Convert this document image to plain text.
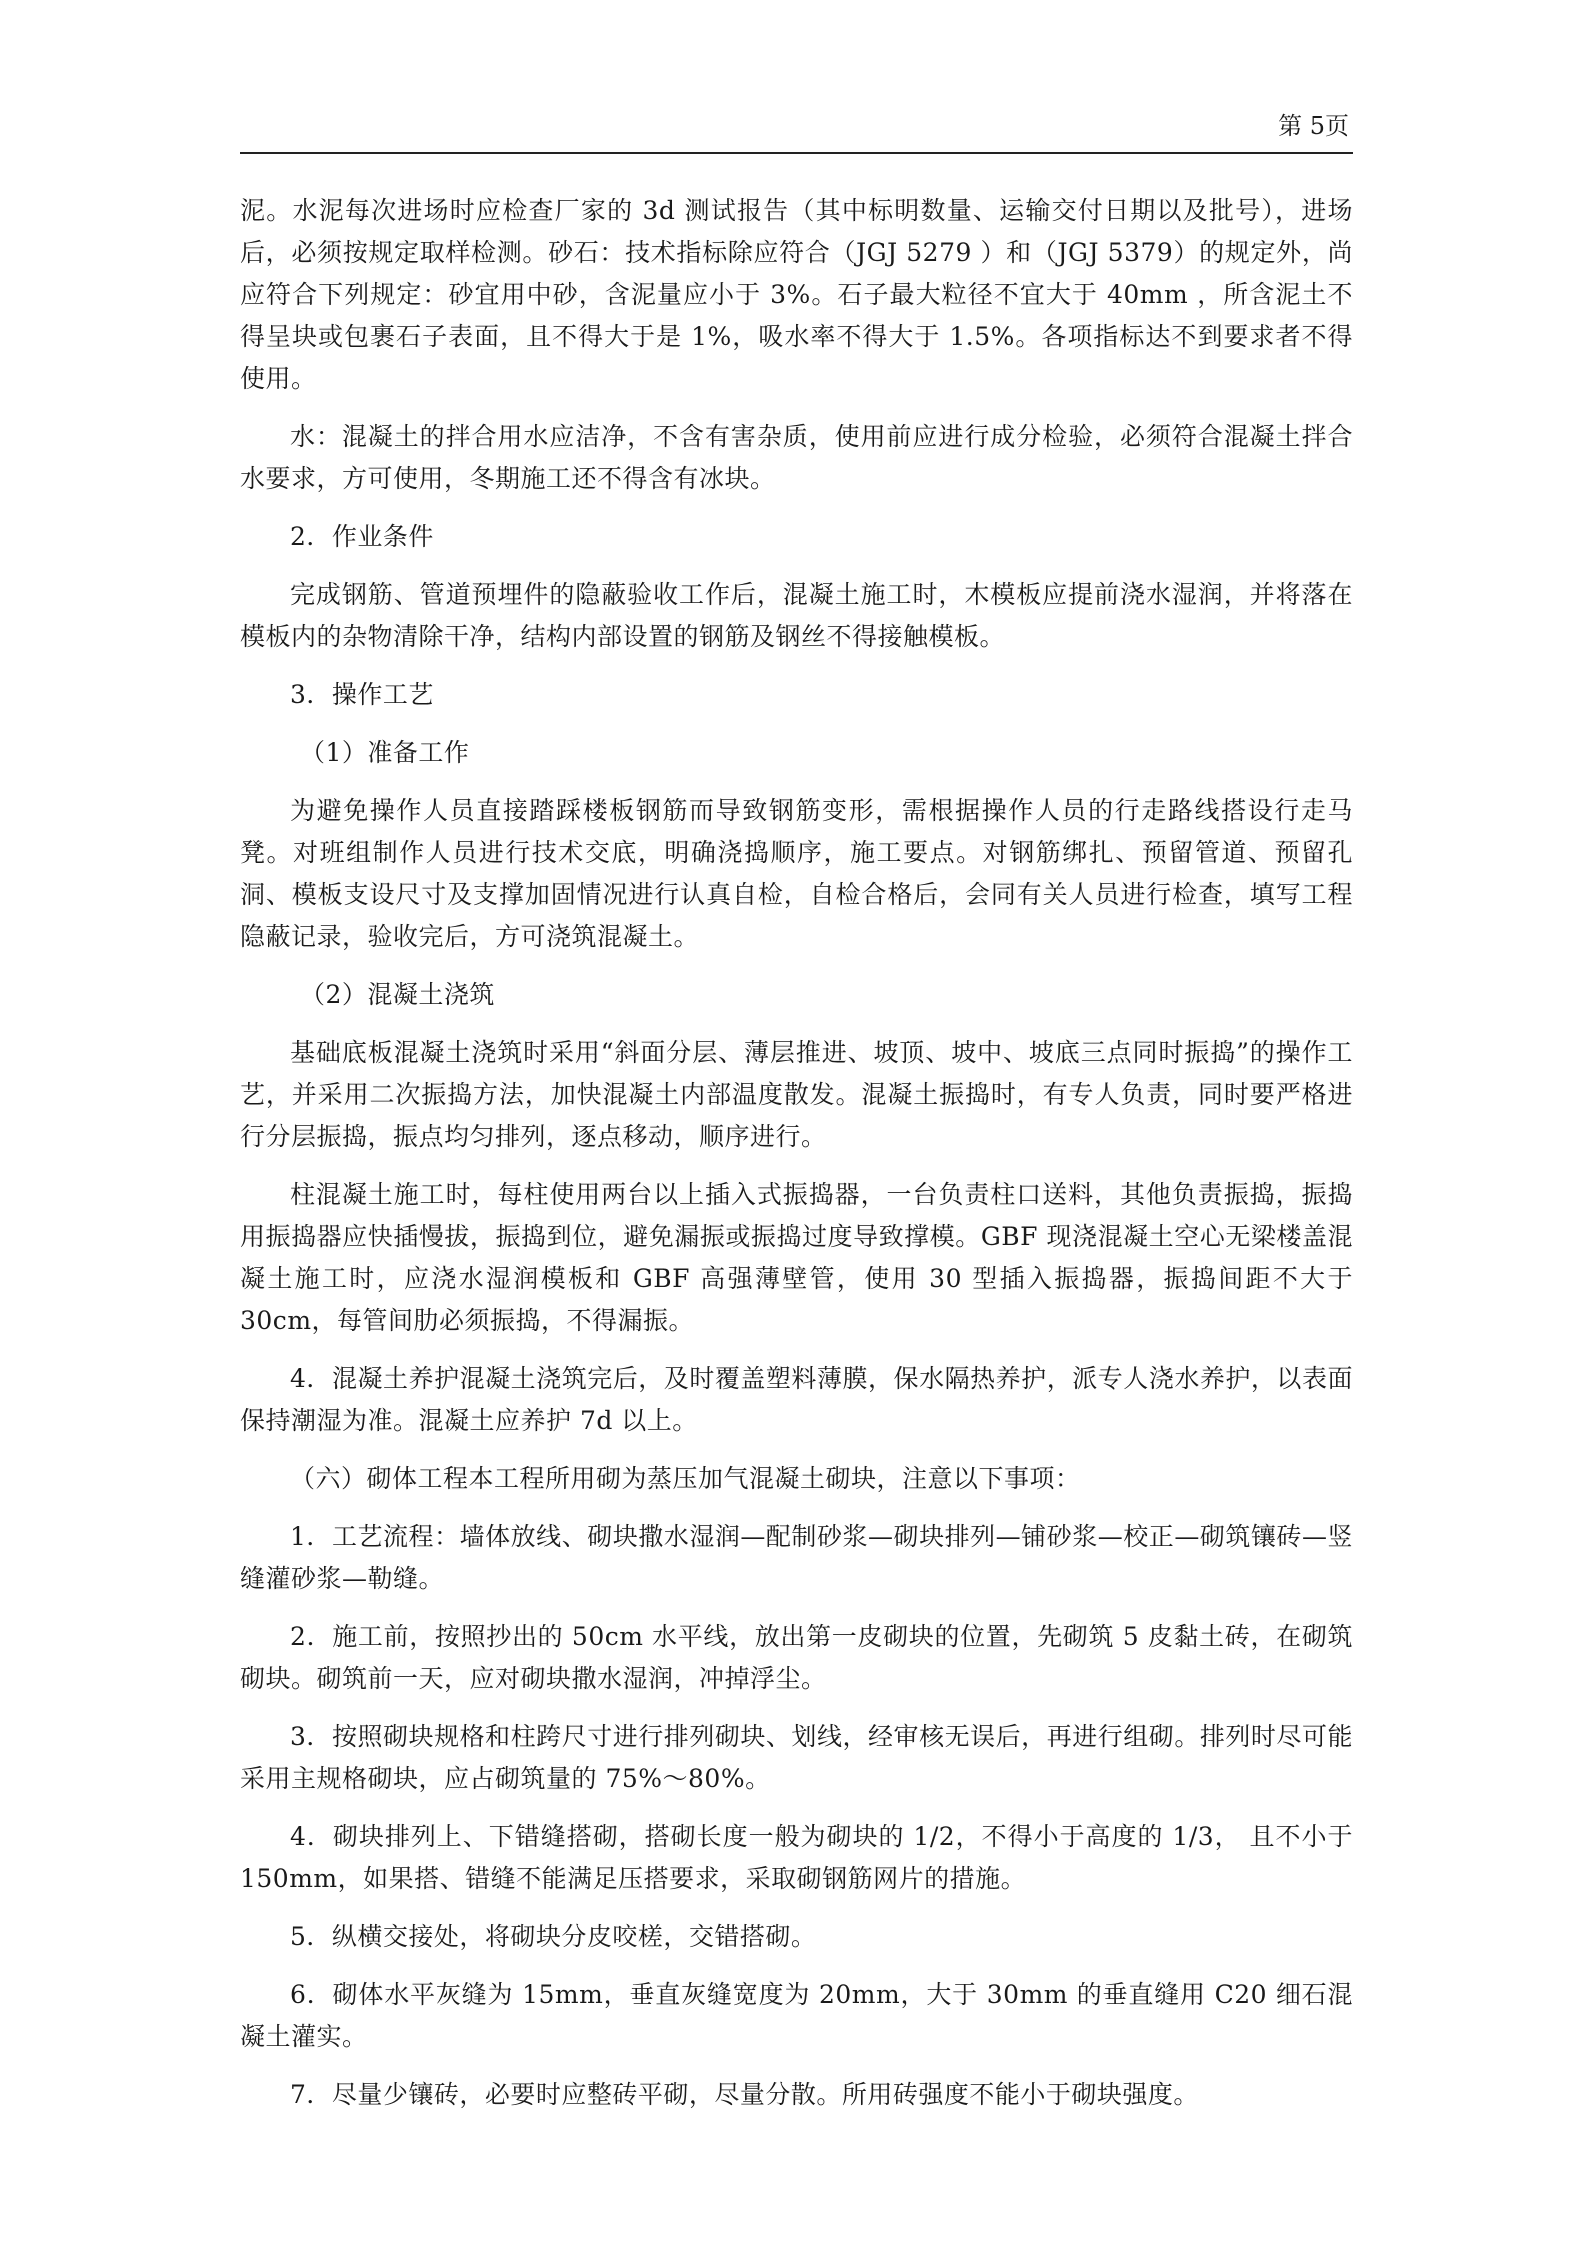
第 5页

泥。水泥每次进场时应检查厂家的 3d 测试报告（其中标明数量、运输交付日期以及批号），进场后，必须按规定取样检测。砂石：技术指标除应符合（JGJ 5279 ）和（JGJ 5379）的规定外，尚应符合下列规定：砂宜用中砂，含泥量应小于 3%。石子最大粒径不宜大于 40mm ，所含泥土不得呈块或包裹石子表面，且不得大于是 1%，吸水率不得大于 1.5%。各项指标达不到要求者不得使用。

水：混凝土的拌合用水应洁净，不含有害杂质，使用前应进行成分检验，必须符合混凝土拌合水要求，方可使用，冬期施工还不得含有冰块。

2．作业条件

完成钢筋、管道预埋件的隐蔽验收工作后，混凝土施工时，木模板应提前浇水湿润，并将落在模板内的杂物清除干净，结构内部设置的钢筋及钢丝不得接触模板。

3．操作工艺

（1）准备工作

为避免操作人员直接踏踩楼板钢筋而导致钢筋变形，需根据操作人员的行走路线搭设行走马凳。对班组制作人员进行技术交底，明确浇捣顺序，施工要点。对钢筋绑扎、预留管道、预留孔洞、模板支设尺寸及支撑加固情况进行认真自检，自检合格后，会同有关人员进行检查，填写工程隐蔽记录，验收完后，方可浇筑混凝土。

（2）混凝土浇筑

基础底板混凝土浇筑时采用“斜面分层、薄层推进、坡顶、坡中、坡底三点同时振捣”的操作工艺，并采用二次振捣方法，加快混凝土内部温度散发。混凝土振捣时，有专人负责，同时要严格进行分层振捣，振点均匀排列，逐点移动，顺序进行。

柱混凝土施工时，每柱使用两台以上插入式振捣器，一台负责柱口送料，其他负责振捣，振捣用振捣器应快插慢拔，振捣到位，避免漏振或振捣过度导致撑模。GBF 现浇混凝土空心无梁楼盖混凝土施工时，应浇水湿润模板和 GBF 高强薄壁管，使用 30 型插入振捣器，振捣间距不大于 30cm，每管间肋必须振捣，不得漏振。

4．混凝土养护混凝土浇筑完后，及时覆盖塑料薄膜，保水隔热养护，派专人浇水养护，以表面保持潮湿为准。混凝土应养护 7d 以上。

（六）砌体工程本工程所用砌为蒸压加气混凝土砌块，注意以下事项：

1．工艺流程：墙体放线、砌块撒水湿润—配制砂浆—砌块排列—铺砂浆—校正—砌筑镶砖—竖缝灌砂浆—勒缝。

2．施工前，按照抄出的 50cm 水平线，放出第一皮砌块的位置，先砌筑 5 皮黏土砖，在砌筑砌块。砌筑前一天，应对砌块撒水湿润，冲掉浮尘。

3．按照砌块规格和柱跨尺寸进行排列砌块、划线，经审核无误后，再进行组砌。排列时尽可能采用主规格砌块，应占砌筑量的 75%～80%。

4．砌块排列上、下错缝搭砌，搭砌长度一般为砌块的 1/2，不得小于高度的 1/3， 且不小于 150mm，如果搭、错缝不能满足压搭要求，采取砌钢筋网片的措施。

5．纵横交接处，将砌块分皮咬槎，交错搭砌。

6．砌体水平灰缝为 15mm，垂直灰缝宽度为 20mm，大于 30mm 的垂直缝用 C20 细石混凝土灌实。

7．尽量少镶砖，必要时应整砖平砌，尽量分散。所用砖强度不能小于砌块强度。
